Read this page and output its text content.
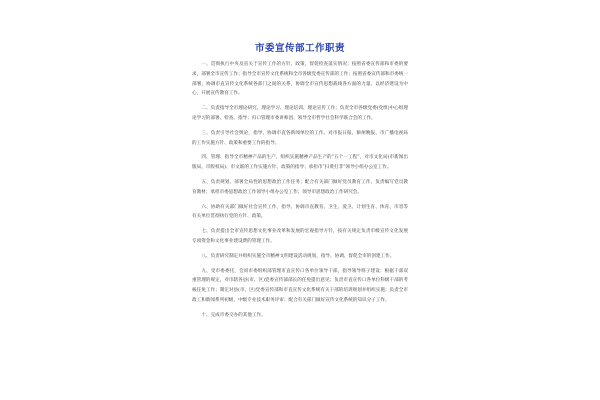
市委宣传部工作职责

一、贯彻执行中央及省关于宣传工作的方针、政策，督促检查落实情况；按照省委宣传部和市委的要求，部署全市宣传工作；指导全市宣传文化系统和全市各级党委宣传部的工作；按照省委宣传部和市委统一部署，协调市直宣传文化系统各部门之间的关系，协调全市宣传思想战线各方面的力量，以经济建设为中心，开展宣传教育工作。

二、负责指导全市理论研究、理论学习、理论培训、理论宣传工作；负责全市各级党委(党组)中心组理论学习的部署、检查、指导；归口管理市委讲师团、领导全市哲学社会科学联合会的工作。

三、负责引导社会舆论，指导、协调市直各新闻单位的工作。对市报日报、颍州晚报、市广播电视局的工作实施方针、政策和重要工作的指导。

四、管理、指导全市精神产品的生产，组织实施精神产品生产的“五个一工程”，对市文化局(市新闻出版局、市版权局)、市文联的工作实施方针、政策的指导；承担市“扫黄打非”领导小组办公室工作。

五、负责规划、部署全局性的思想政治工作任务；配合有关部门做好党员教育工作，负责编写党员教育教材；承担市委思想政治工作领导小组办公室工作；领导市思想政治工作研究会。

六、协助有关部门做好社会宣传工作，指导、协调市直教育、卫生、爱卫、计划生育、体育、市容等有关单位贯彻执行党的方针、政策。

七、负责提出全市宣传思想文化事业改革和发展的宏观指导方针，按有关规定负责市级宣传文化发展专项资金和文化事业建设费的管理工作。

八、负责研究制定并组织实施全市精神文明建设活动规划，指导、协调、督促全市的创建工作。

九、受市委委托，会同市委组织部管理市直宣传口各单位领导干部，指导领导班子建设；根据干部双重管理的规定，对市辖各县(市、区)党委宣传部部长的任免提出意见；负责市直宣传口各单位科级干部的考核任免工作；制定对县(市、区)党委宣传部和市直宣传文化系统有关干部的培训规划并组织实施；负责全市政工和新闻系列初级、中级专业技术职务评审；配合有关部门做好宣传文化系统的知识分子工作。

十、完成市委交办的其他工作。
